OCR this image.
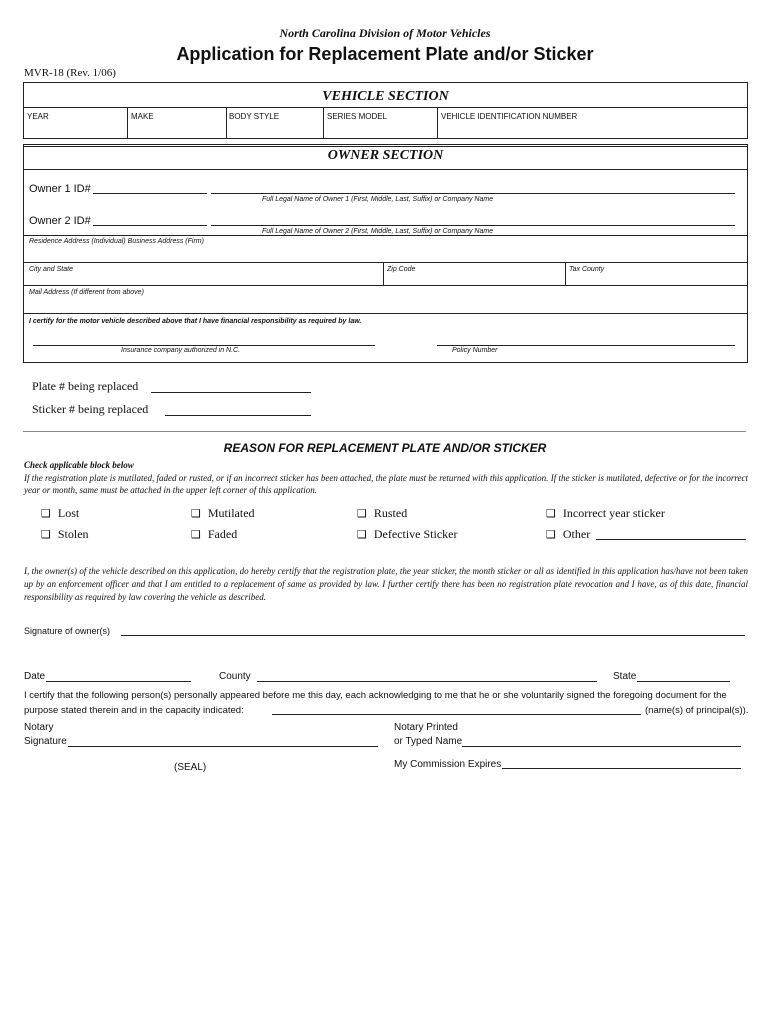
North Carolina Division of Motor Vehicles
Application for Replacement Plate and/or Sticker
MVR-18 (Rev. 1/06)
VEHICLE SECTION
YEAR	MAKE	BODY STYLE	SERIES MODEL	VEHICLE IDENTIFICATION NUMBER
OWNER SECTION
Owner 1 ID#
Full Legal Name of Owner 1 (First, Middle, Last, Suffix) or Company Name
Owner 2 ID#
Full Legal Name of Owner 2 (First, Middle, Last, Suffix) or Company Name
Residence Address (Individual) Business Address (Firm)
City and State	Zip Code	Tax County
Mail Address (If different from above)
I certify for the motor vehicle described above that I have financial responsibility as required by law.
Insurance company authorized in N.C.	Policy Number
Plate # being replaced
Sticker # being replaced
REASON FOR REPLACEMENT PLATE AND/OR STICKER
Check applicable block below
If the registration plate is mutilated, faded or rusted, or if an incorrect sticker has been attached, the plate must be returned with this application. If the sticker is mutilated, defective or for the incorrect year or month, same must be attached in the upper left corner of this application.
❑ Lost	❑ Mutilated	❑ Rusted	❑ Incorrect year sticker
❑ Stolen	❑ Faded	❑ Defective Sticker	❑ Other
I, the owner(s) of the vehicle described on this application, do hereby certify that the registration plate, the year sticker, the month sticker or all as identified in this application has/have not been taken up by an enforcement officer and that I am entitled to a replacement of same as provided by law. I further certify there has been no registration plate revocation and I have, as of this date, financial responsibility as required by law covering the vehicle as described.
Signature of owner(s)
Date	County	State
I certify that the following person(s) personally appeared before me this day, each acknowledging to me that he or she voluntarily signed the foregoing document for the
purpose stated therein and in the capacity indicated:	(name(s) of principal(s)).
Notary
Signature
Notary Printed
or Typed Name
(SEAL)	My Commission Expires
